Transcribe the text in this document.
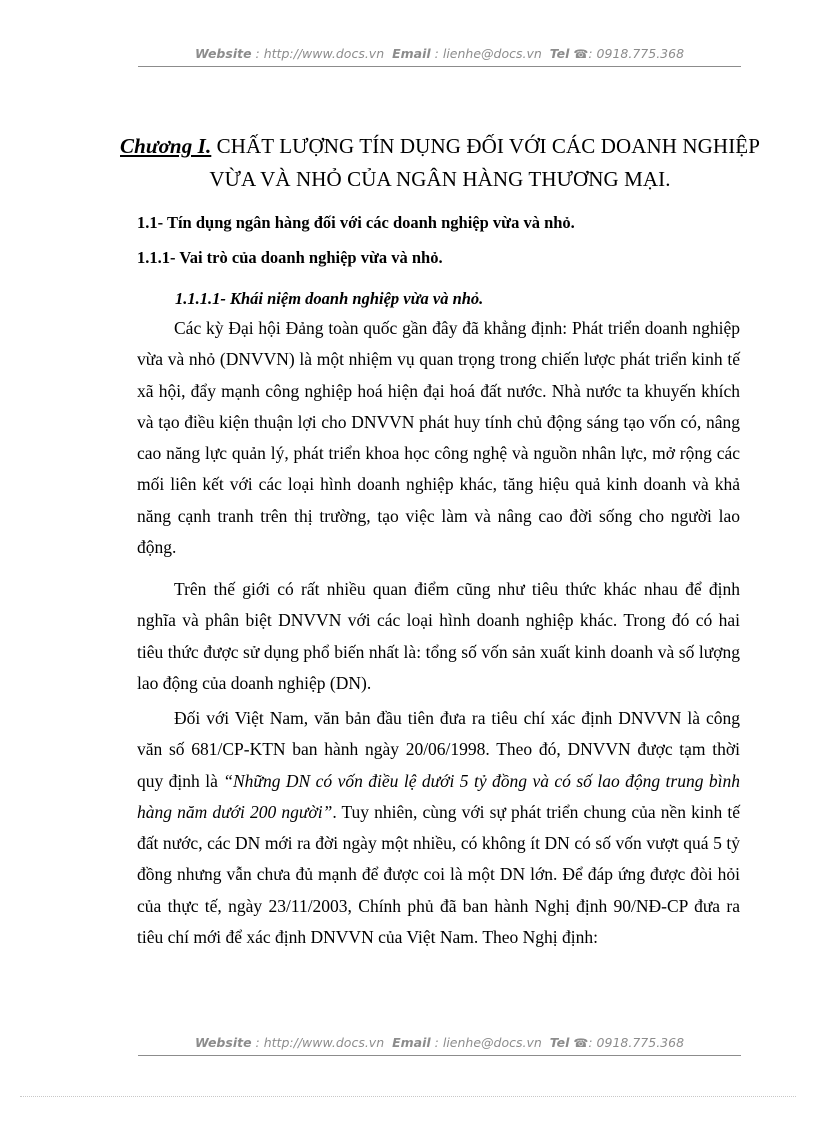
Website : http://www.docs.vn Email : lienhe@docs.vn Tel ☎: 0918.775.368
Chương I. CHẤT LƯỢNG TÍN DỤNG ĐỐI VỚI CÁC DOANH NGHIỆP VỪA VÀ NHỎ CỦA NGÂN HÀNG THƯƠNG MẠI.
1.1- Tín dụng ngân hàng đối với các doanh nghiệp vừa và nhỏ.
1.1.1- Vai trò của doanh nghiệp vừa và nhỏ.
1.1.1.1- Khái niệm doanh nghiệp vừa và nhỏ.

Các kỳ Đại hội Đảng toàn quốc gần đây đã khẳng định: Phát triển doanh nghiệp vừa và nhỏ (DNVVN) là một nhiệm vụ quan trọng trong chiến lược phát triển kinh tế xã hội, đẩy mạnh công nghiệp hoá hiện đại hoá đất nước. Nhà nước ta khuyến khích và tạo điều kiện thuận lợi cho DNVVN phát huy tính chủ động sáng tạo vốn có, nâng cao năng lực quản lý, phát triển khoa học công nghệ và nguồn nhân lực, mở rộng các mối liên kết với các loại hình doanh nghiệp khác, tăng hiệu quả kinh doanh và khả năng cạnh tranh trên thị trường, tạo việc làm và nâng cao đời sống cho người lao động.

Trên thế giới có rất nhiều quan điểm cũng như tiêu thức khác nhau để định nghĩa và phân biệt DNVVN với các loại hình doanh nghiệp khác. Trong đó có hai tiêu thức được sử dụng phổ biến nhất là: tổng số vốn sản xuất kinh doanh và số lượng lao động của doanh nghiệp (DN).

Đối với Việt Nam, văn bản đầu tiên đưa ra tiêu chí xác định DNVVN là công văn số 681/CP-KTN ban hành ngày 20/06/1998. Theo đó, DNVVN được tạm thời quy định là “Những DN có vốn điều lệ dưới 5 tỷ đồng và có số lao động trung bình hàng năm dưới 200 người”. Tuy nhiên, cùng với sự phát triển chung của nền kinh tế đất nước, các DN mới ra đời ngày một nhiều, có không ít DN có số vốn vượt quá 5 tỷ đồng nhưng vẫn chưa đủ mạnh để được coi là một DN lớn. Để đáp ứng được đòi hỏi của thực tế, ngày 23/11/2003, Chính phủ đã ban hành Nghị định 90/NĐ-CP đưa ra tiêu chí mới để xác định DNVVN của Việt Nam. Theo Nghị định:

Website : http://www.docs.vn Email : lienhe@docs.vn Tel ☎: 0918.775.368
